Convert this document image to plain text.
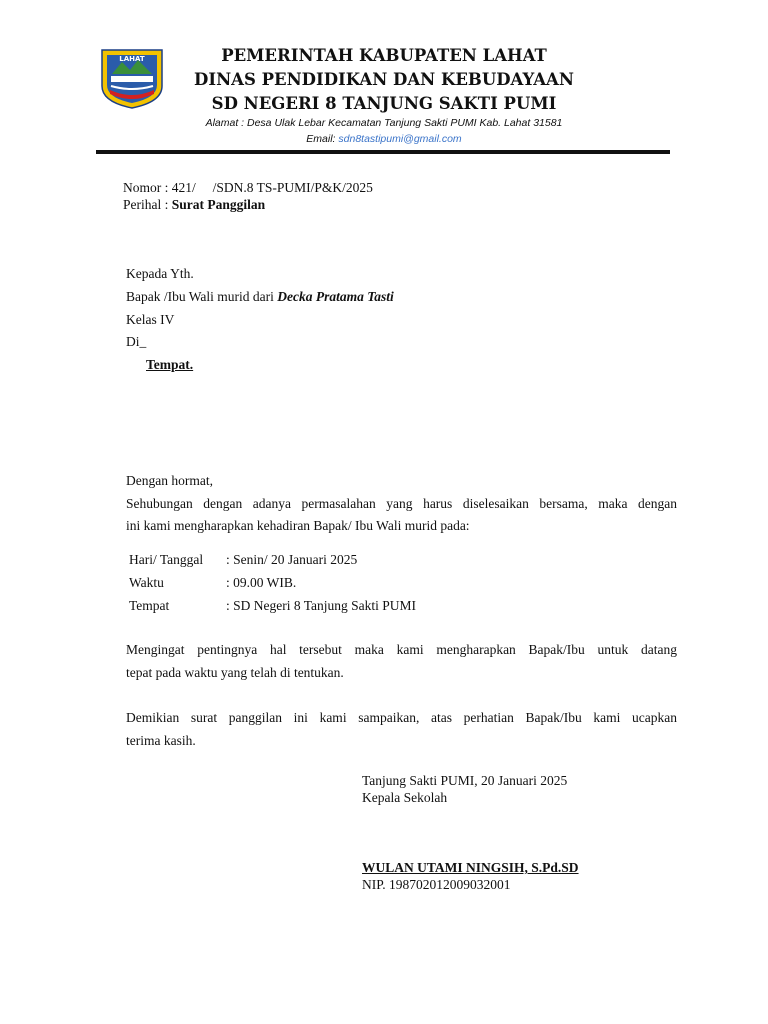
LAHAT	PEMERINTAH KABUPATEN LAHAT
DINAS PENDIDIKAN DAN KEBUDAYAAN
SD NEGERI 8 TANJUNG SAKTI PUMI
Alamat : Desa Ulak Lebar Kecamatan Tanjung Sakti PUMI Kab. Lahat 31581
Email: sdn8tastipumi@gmail.com
Nomor : 421/     /SDN.8 TS-PUMI/P&K/2025
Perihal : Surat Panggilan
Kepada Yth.
Bapak /Ibu Wali murid dari Decka Pratama Tasti
Kelas IV
Di_
Tempat.
Dengan hormat,
Sehubungan dengan adanya permasalahan yang harus diselesaikan bersama, maka dengan
ini kami mengharapkan kehadiran Bapak/ Ibu Wali murid pada:
Hari/ Tanggal : Senin/ 20 Januari 2025
Waktu	: 09.00 WIB.
Tempat	: SD Negeri 8 Tanjung Sakti PUMI
Mengingat pentingnya hal tersebut maka kami mengharapkan Bapak/Ibu untuk datang
tepat pada waktu yang telah di tentukan.
Demikian surat panggilan ini kami sampaikan, atas perhatian Bapak/Ibu kami ucapkan
terima kasih.
Tanjung Sakti PUMI, 20 Januari 2025
Kepala Sekolah
WULAN UTAMI NINGSIH, S.Pd.SD
NIP. 198702012009032001
